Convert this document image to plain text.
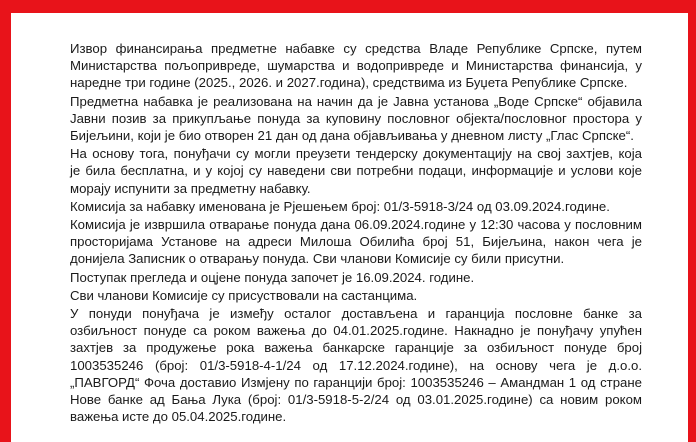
Извор финансирања предметне набавке су средства Владе Републике Српске, путем
Министарства пољопривреде, шумарства и водопривреде и Министарства финансија, у
наредне три године (2025., 2026. и 2027.година), средствима из Буџета Републике Српске.
Предметна набавка је реализована на начин да је Јавна установа „Воде Српске“ објавила
Јавни позив за прикупљање понуда за куповину пословног објекта/пословног простора у
Бијељини, који је био отворен 21 дан од дана објављивања у дневном листу „Глас Српске“.
На основу тога, понуђачи су могли преузети тендерску документацију на свој захтјев, која
је била бесплатна, и у којој су наведени сви потребни подаци, информације и услови које
морају испунити за предметну набавку.
Комисија за набавку именована је Рјешењем број: 01/3-5918-3/24 од 03.09.2024.године.
Комисија је извршила отварање понуда дана 06.09.2024.године у 12:30 часова у пословним
просторијама Установе на адреси Милоша Обилића број 51, Бијељина, након чега је
донијела Записник о отварању понуда. Сви чланови Комисије су били присутни.
Поступак прегледа и оцјене понуда започет је 16.09.2024. године.
Сви чланови Комисије су присуствовали на састанцима.
У понуди понуђача је између осталог достављена и гаранција пословне банке за
озбиљност понуде са роком важења до 04.01.2025.године. Накнадно је понуђачу упућен
захтјев за продужење рока важења банкарске гаранције за озбиљност понуде број
1003535246 (број: 01/3-5918-4-1/24 од 17.12.2024.године), на основу чега је д.о.о.
„ПАВГОРД“ Фоча доставио Измјену по гаранцији број: 1003535246 – Амандман 1 од стране
Нове банке ад Бања Лука (број: 01/3-5918-5-2/24 од 03.01.2025.године) са новим роком
важења исте до 05.04.2025.године.
